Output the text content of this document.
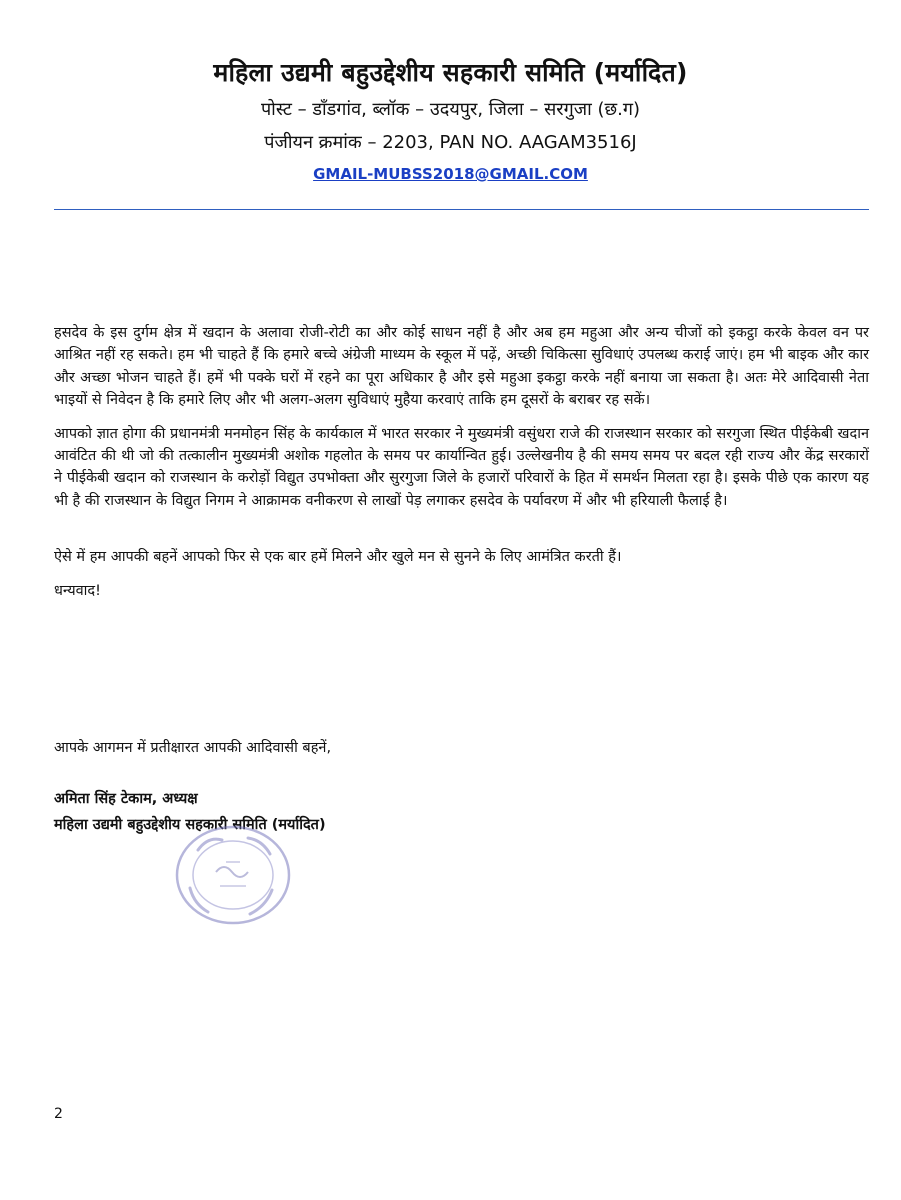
महिला उद्यमी बहुउद्देशीय सहकारी समिति (मर्यादित)
पोस्ट – डाँडगांव, ब्लॉक – उदयपुर, जिला – सरगुजा (छ.ग)
पंजीयन क्रमांक – 2203, PAN NO. AAGAM3516J
GMAIL-MUBSS2018@GMAIL.COM

हसदेव के इस दुर्गम क्षेत्र में खदान के अलावा रोजी-रोटी का और कोई साधन नहीं है और अब हम महुआ और अन्य चीजों को इकट्ठा करके केवल वन पर आश्रित नहीं रह सकते। हम भी चाहते हैं कि हमारे बच्चे अंग्रेजी माध्यम के स्कूल में पढ़ें, अच्छी चिकित्सा सुविधाएं उपलब्ध कराई जाएं। हम भी बाइक और कार और अच्छा भोजन चाहते हैं। हमें भी पक्के घरों में रहने का पूरा अधिकार है और इसे महुआ इकट्ठा करके नहीं बनाया जा सकता है। अतः मेरे आदिवासी नेता भाइयों से निवेदन है कि हमारे लिए और भी अलग-अलग सुविधाएं मुहैया करवाएं ताकि हम दूसरों के बराबर रह सकें।

आपको ज्ञात होगा की प्रधानमंत्री मनमोहन सिंह के कार्यकाल में भारत सरकार ने मुख्यमंत्री वसुंधरा राजे की राजस्थान सरकार को सरगुजा स्थित पीईकेबी खदान आवंटित की थी जो की तत्कालीन मुख्यमंत्री अशोक गहलोत के समय पर कार्यान्वित हुई। उल्लेखनीय है की समय समय पर बदल रही राज्य और केंद्र सरकारों ने पीईकेबी खदान को राजस्थान के करोड़ों विद्युत उपभोक्ता और सुरगुजा जिले के हजारों परिवारों के हित में समर्थन मिलता रहा है। इसके पीछे एक कारण यह भी है की राजस्थान के विद्युत निगम ने आक्रामक वनीकरण से लाखों पेड़ लगाकर हसदेव के पर्यावरण में और भी हरियाली फैलाई है।

ऐसे में हम आपकी बहनें आपको फिर से एक बार हमें मिलने और खुले मन से सुनने के लिए आमंत्रित करती हैं।

धन्यवाद!

आपके आगमन में प्रतीक्षारत आपकी आदिवासी बहनें,
अमिता सिंह टेकाम, अध्यक्ष
महिला उद्यमी बहुउद्देशीय सहकारी समिति (मर्यादित)
2
